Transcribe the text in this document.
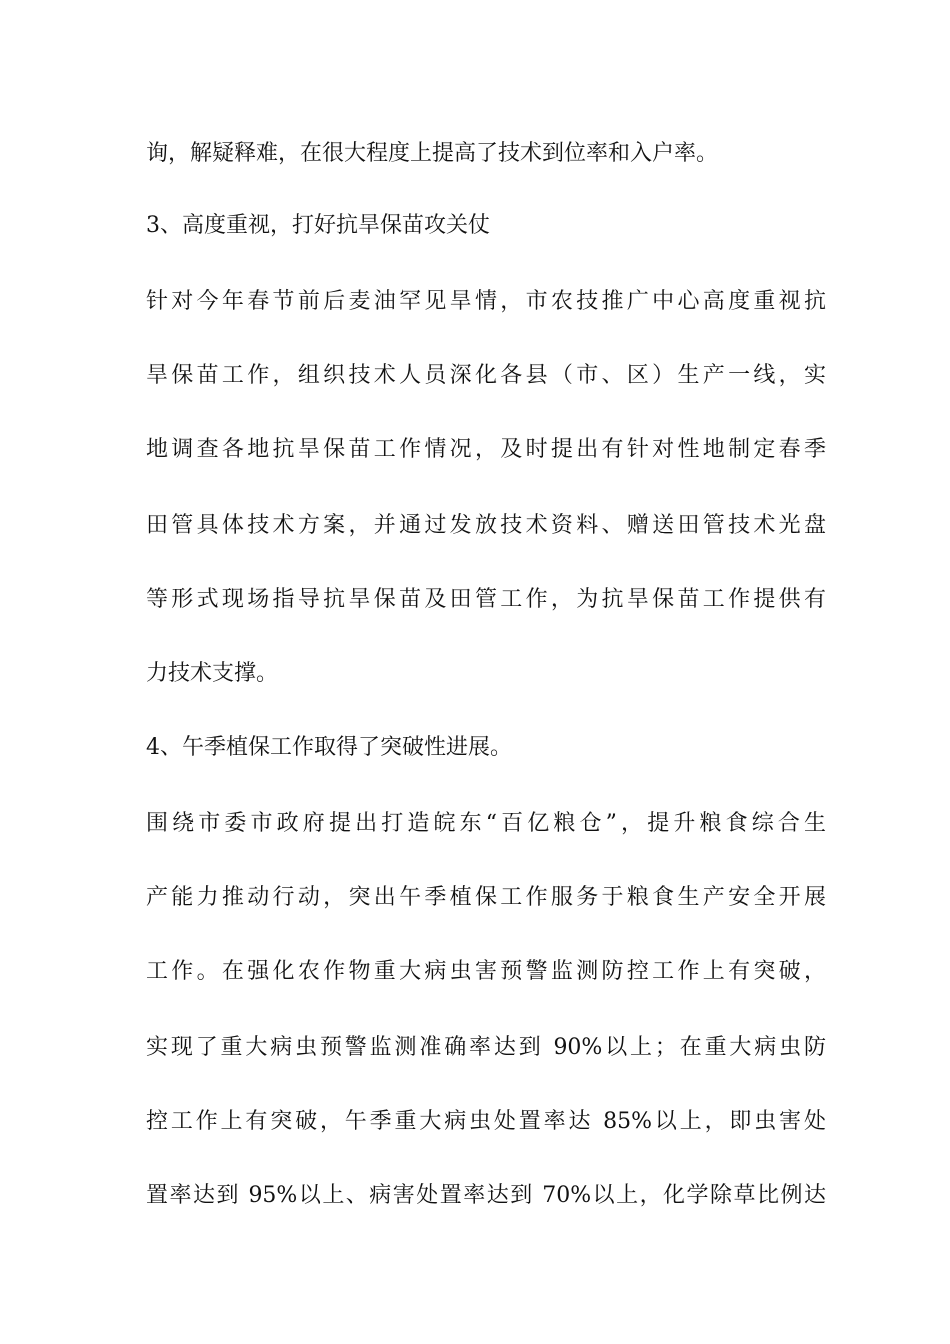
询，解疑释难，在很大程度上提高了技术到位率和入户率。
3、高度重视，打好抗旱保苗攻关仗
针对今年春节前后麦油罕见旱情，市农技推广中心高度重视抗
旱保苗工作，组织技术人员深化各县（市、区）生产一线，实
地调查各地抗旱保苗工作情况，及时提出有针对性地制定春季
田管具体技术方案，并通过发放技术资料、赠送田管技术光盘
等形式现场指导抗旱保苗及田管工作，为抗旱保苗工作提供有
力技术支撑。
4、午季植保工作取得了突破性进展。
围绕市委市政府提出打造皖东“百亿粮仓”，提升粮食综合生
产能力推动行动，突出午季植保工作服务于粮食生产安全开展
工作。在强化农作物重大病虫害预警监测防控工作上有突破，
实现了重大病虫预警监测准确率达到 90%以上；在重大病虫防
控工作上有突破，午季重大病虫处置率达 85%以上，即虫害处
置率达到 95%以上、病害处置率达到 70%以上，化学除草比例达
